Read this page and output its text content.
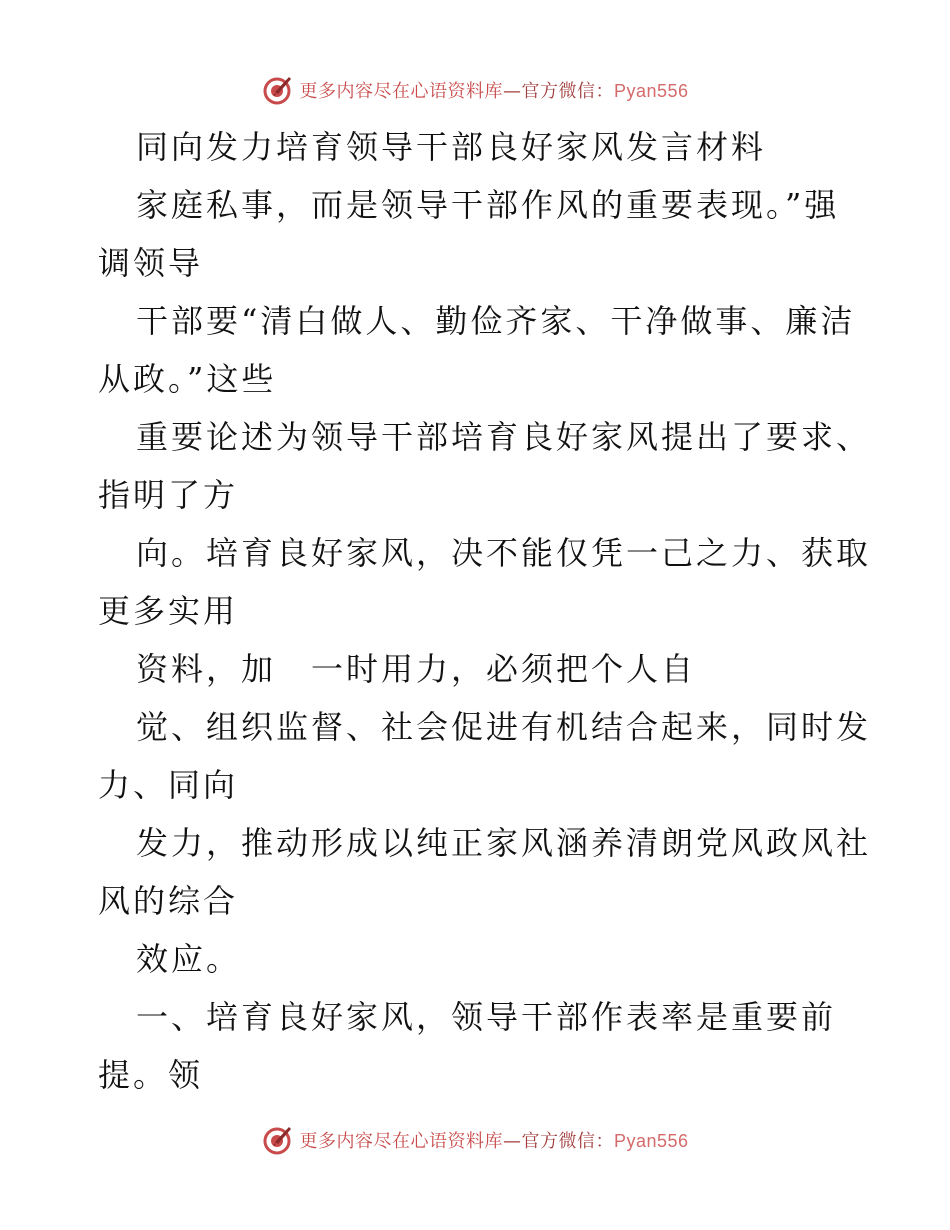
更多内容尽在心语资料库—官方微信：Pyan556
同向发力培育领导干部良好家风发言材料
家庭私事，而是领导干部作风的重要表现。”强
调领导
干部要“清白做人、勤俭齐家、干净做事、廉洁
从政。”这些
重要论述为领导干部培育良好家风提出了要求、
指明了方
向。培育良好家风，决不能仅凭一己之力、获取
更多实用
资料，加　一时用力，必须把个人自
觉、组织监督、社会促进有机结合起来，同时发
力、同向
发力，推动形成以纯正家风涵养清朗党风政风社
风的综合
效应。
一、培育良好家风，领导干部作表率是重要前
提。领
更多内容尽在心语资料库—官方微信：Pyan556
